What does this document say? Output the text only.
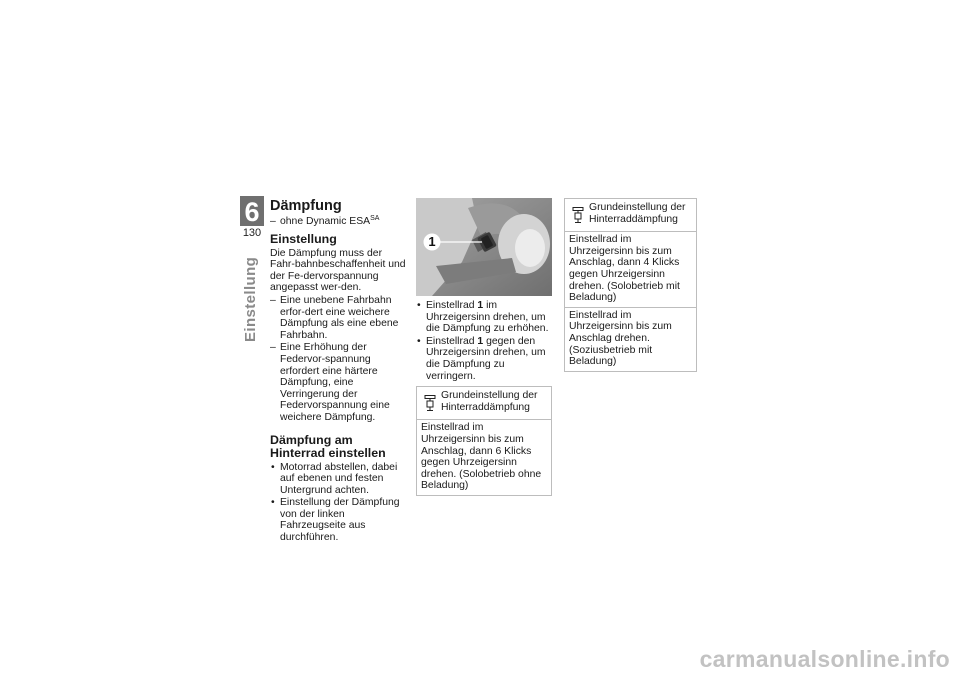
6
130
Einstellung
Dämpfung

– ohne Dynamic $ESA^{SA}$

Einstellung

Die Dämpfung muss der Fahr-bahnbeschaffenheit und der Fe-dervorspannung angepasst wer-den.

– Eine unebene Fahrbahn erfor-dert eine weichere Dämpfung als eine ebene Fahrbahn.

– Eine Erhöhung der Federvor-spannung erfordert eine härtere Dämpfung, eine Verringerung der Federvorspannung eine weichere Dämpfung.

Dämpfung am Hinterrad einstellen

• Motorrad abstellen, dabei auf ebenen und festen Untergrund achten.

• Einstellung der Dämpfung von der linken Fahrzeugseite aus durchführen.

1

• Einstellrad 1 im Uhrzeigersinn drehen, um die Dämpfung zu erhöhen.

• Einstellrad 1 gegen den Uhrzeigersinn drehen, um die Dämpfung zu verringern.

Grundeinstellung der Hinterraddämpfung
Einstellrad im Uhrzeigersinn bis zum Anschlag, dann 6 Klicks gegen Uhrzeigersinn drehen. (Solobetrieb ohne Beladung)
Grundeinstellung der Hinterraddämpfung
Einstellrad im Uhrzeigersinn bis zum Anschlag, dann 4 Klicks gegen Uhrzeigersinn drehen. (Solobetrieb mit Beladung)
Einstellrad im Uhrzeigersinn bis zum Anschlag drehen. (Soziusbetrieb mit Beladung)
carmanualsonline.info
